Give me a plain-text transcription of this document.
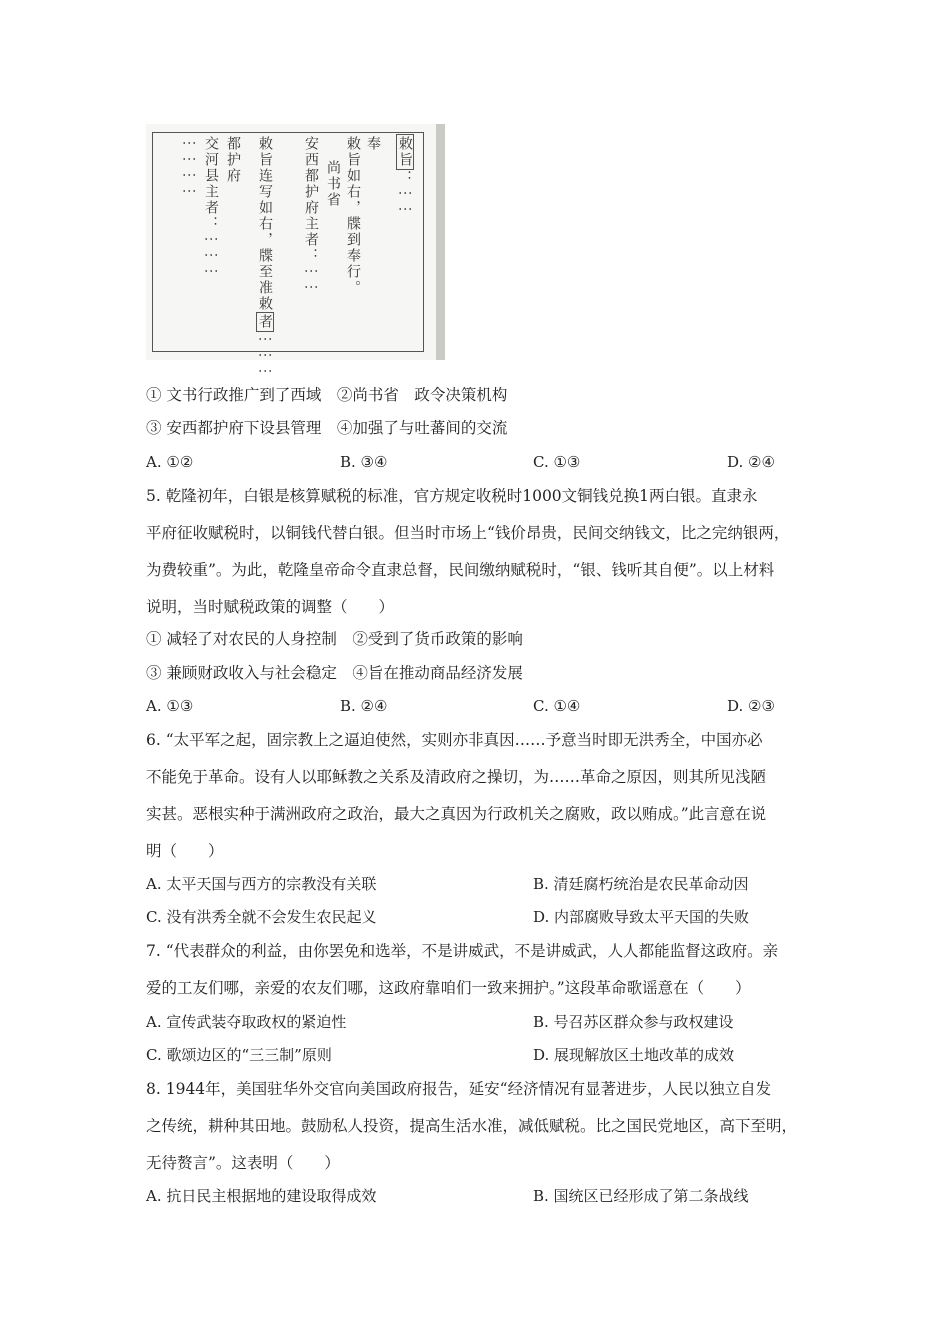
敕旨：⋮⋮
敕旨如右，牒到奉行。 奉
尚书省
安西都护府主者：⋮⋮
敕旨连写如右，牒至准敕者⋮⋮⋮
都护府
交河县主者：⋮⋮⋮
⋮⋮⋮⋮
① 文书行政推广到了西域　②尚书省　政令决策机构
③ 安西都护府下设县管理　④加强了与吐蕃间的交流
A. ①②	B. ③④	C. ①③	D. ②④
5. 乾隆初年，白银是核算赋税的标准，官方规定收税时1000文铜钱兑换1两白银。直隶永
平府征收赋税时，以铜钱代替白银。但当时市场上“钱价昂贵，民间交纳钱文，比之完纳银两，
为费较重”。为此，乾隆皇帝命令直隶总督，民间缴纳赋税时，“银、钱听其自便”。以上材料
说明，当时赋税政策的调整（　　）
① 减轻了对农民的人身控制　②受到了货币政策的影响
③ 兼顾财政收入与社会稳定　④旨在推动商品经济发展
A. ①③	B. ②④	C. ①④	D. ②③
6. “太平军之起，固宗教上之逼迫使然，实则亦非真因……予意当时即无洪秀全，中国亦必
不能免于革命。设有人以耶稣教之关系及清政府之操切，为……革命之原因，则其所见浅陋
实甚。恶根实种于满洲政府之政治，最大之真因为行政机关之腐败，政以贿成。”此言意在说
明（　　）
A. 太平天国与西方的宗教没有关联	B. 清廷腐朽统治是农民革命动因
C. 没有洪秀全就不会发生农民起义	D. 内部腐败导致太平天国的失败
7. “代表群众的利益，由你罢免和选举，不是讲威武，不是讲威武，人人都能监督这政府。亲
爱的工友们哪，亲爱的农友们哪，这政府靠咱们一致来拥护。”这段革命歌谣意在（　　）
A. 宣传武装夺取政权的紧迫性	B. 号召苏区群众参与政权建设
C. 歌颂边区的“三三制”原则	D. 展现解放区土地改革的成效
8. 1944年，美国驻华外交官向美国政府报告，延安“经济情况有显著进步，人民以独立自发
之传统，耕种其田地。鼓励私人投资，提高生活水准，减低赋税。比之国民党地区，高下至明，
无待赘言”。这表明（　　）
A. 抗日民主根据地的建设取得成效	B. 国统区已经形成了第二条战线
